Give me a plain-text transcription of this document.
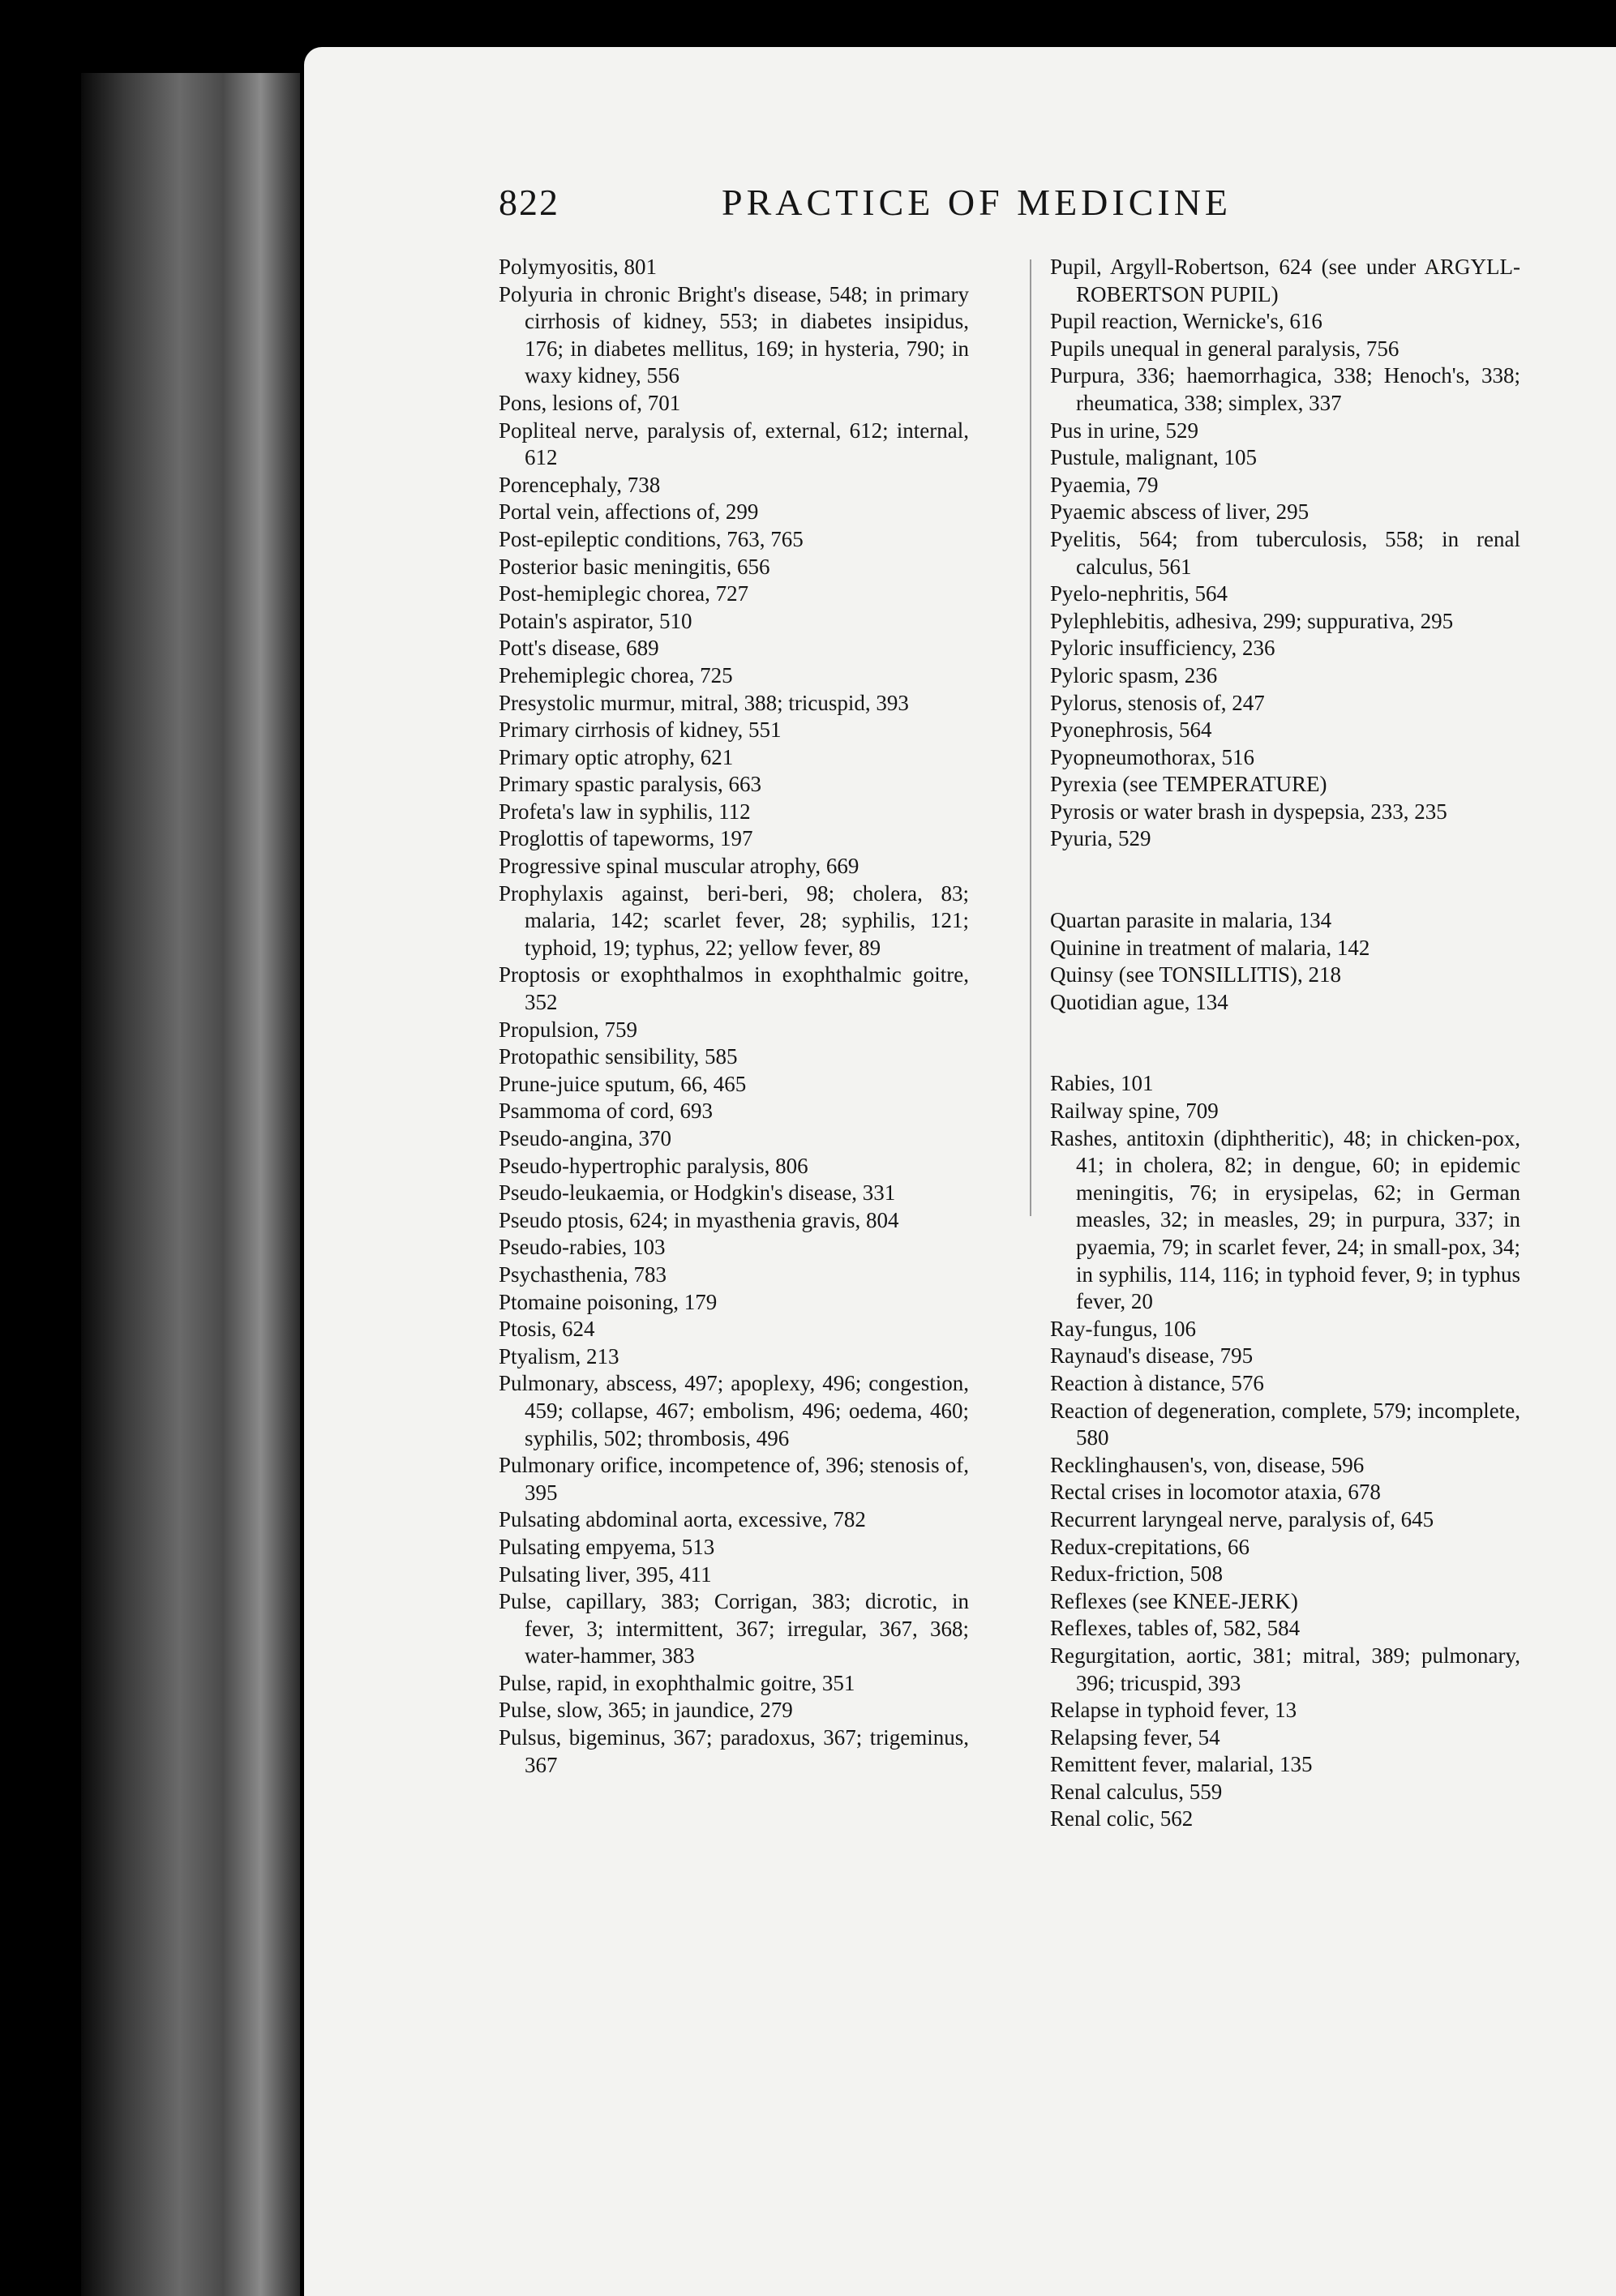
822	PRACTICE OF MEDICINE

Polymyositis, 801

Polyuria in chronic Bright's disease, 548; in primary cirrhosis of kidney, 553; in diabetes insipidus, 176; in diabetes mellitus, 169; in hysteria, 790; in waxy kidney, 556

Pons, lesions of, 701

Popliteal nerve, paralysis of, external, 612; internal, 612

Porencephaly, 738

Portal vein, affections of, 299

Post-epileptic conditions, 763, 765

Posterior basic meningitis, 656

Post-hemiplegic chorea, 727

Potain's aspirator, 510

Pott's disease, 689

Prehemiplegic chorea, 725

Presystolic murmur, mitral, 388; tricuspid, 393

Primary cirrhosis of kidney, 551

Primary optic atrophy, 621

Primary spastic paralysis, 663

Profeta's law in syphilis, 112

Proglottis of tapeworms, 197

Progressive spinal muscular atrophy, 669

Prophylaxis against, beri-beri, 98; cholera, 83; malaria, 142; scarlet fever, 28; syphilis, 121; typhoid, 19; typhus, 22; yellow fever, 89

Proptosis or exophthalmos in exophthalmic goitre, 352

Propulsion, 759

Protopathic sensibility, 585

Prune-juice sputum, 66, 465

Psammoma of cord, 693

Pseudo-angina, 370

Pseudo-hypertrophic paralysis, 806

Pseudo-leukaemia, or Hodgkin's disease, 331

Pseudo ptosis, 624; in myasthenia gravis, 804

Pseudo-rabies, 103

Psychasthenia, 783

Ptomaine poisoning, 179

Ptosis, 624

Ptyalism, 213

Pulmonary, abscess, 497; apoplexy, 496; congestion, 459; collapse, 467; embolism, 496; oedema, 460; syphilis, 502; thrombosis, 496

Pulmonary orifice, incompetence of, 396; stenosis of, 395

Pulsating abdominal aorta, excessive, 782

Pulsating empyema, 513

Pulsating liver, 395, 411

Pulse, capillary, 383; Corrigan, 383; dicrotic, in fever, 3; intermittent, 367; irregular, 367, 368; water-hammer, 383

Pulse, rapid, in exophthalmic goitre, 351

Pulse, slow, 365; in jaundice, 279

Pulsus, bigeminus, 367; paradoxus, 367; trigeminus, 367

Pupil, Argyll-Robertson, 624 (see under ARGYLL-ROBERTSON PUPIL)

Pupil reaction, Wernicke's, 616

Pupils unequal in general paralysis, 756

Purpura, 336; haemorrhagica, 338; Henoch's, 338; rheumatica, 338; simplex, 337

Pus in urine, 529

Pustule, malignant, 105

Pyaemia, 79

Pyaemic abscess of liver, 295

Pyelitis, 564; from tuberculosis, 558; in renal calculus, 561

Pyelo-nephritis, 564

Pylephlebitis, adhesiva, 299; suppurativa, 295

Pyloric insufficiency, 236

Pyloric spasm, 236

Pylorus, stenosis of, 247

Pyonephrosis, 564

Pyopneumothorax, 516

Pyrexia (see TEMPERATURE)

Pyrosis or water brash in dyspepsia, 233, 235

Pyuria, 529

Quartan parasite in malaria, 134

Quinine in treatment of malaria, 142

Quinsy (see TONSILLITIS), 218

Quotidian ague, 134

Rabies, 101

Railway spine, 709

Rashes, antitoxin (diphtheritic), 48; in chicken-pox, 41; in cholera, 82; in dengue, 60; in epidemic meningitis, 76; in erysipelas, 62; in German measles, 32; in measles, 29; in purpura, 337; in pyaemia, 79; in scarlet fever, 24; in small-pox, 34; in syphilis, 114, 116; in typhoid fever, 9; in typhus fever, 20

Ray-fungus, 106

Raynaud's disease, 795

Reaction à distance, 576

Reaction of degeneration, complete, 579; incomplete, 580

Recklinghausen's, von, disease, 596

Rectal crises in locomotor ataxia, 678

Recurrent laryngeal nerve, paralysis of, 645

Redux-crepitations, 66

Redux-friction, 508

Reflexes (see KNEE-JERK)

Reflexes, tables of, 582, 584

Regurgitation, aortic, 381; mitral, 389; pulmonary, 396; tricuspid, 393

Relapse in typhoid fever, 13

Relapsing fever, 54

Remittent fever, malarial, 135

Renal calculus, 559

Renal colic, 562
